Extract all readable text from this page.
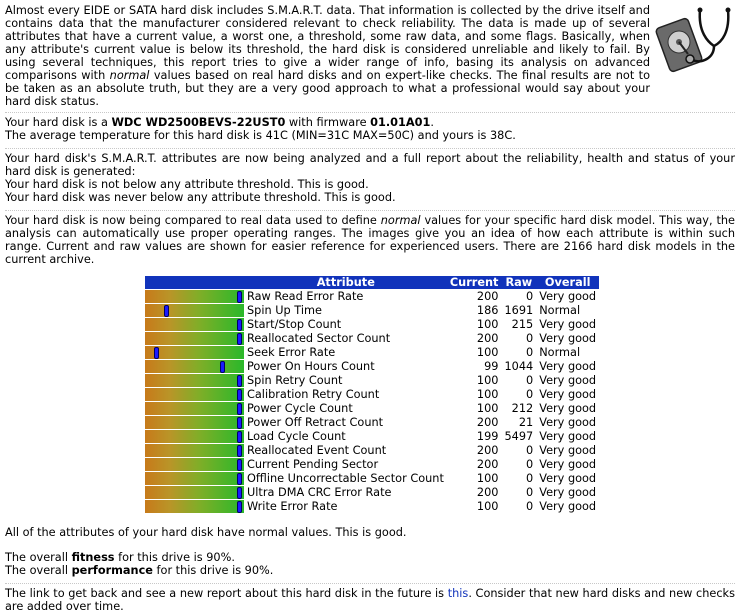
Almost every EIDE or SATA hard disk includes S.M.A.R.T. data. That information is collected by the drive itself and contains data that the manufacturer considered relevant to check reliability. The data is made up of several attributes that have a current value, a worst one, a threshold, some raw data, and some flags. Basically, when any attribute's current value is below its threshold, the hard disk is considered unreliable and likely to fail. By using several techniques, this report tries to give a wider range of info, basing its analysis on advanced comparisons with normal values based on real hard disks and on expert-like checks. The final results are not to be taken as an absolute truth, but they are a very good approach to what a professional would say about your hard disk status.

Your hard disk is a WDC WD2500BEVS-22UST0 with firmware 01.01A01.

The average temperature for this hard disk is 41C (MIN=31C MAX=50C) and yours is 38C.

Your hard disk's S.M.A.R.T. attributes are now being analyzed and a full report about the reliability, health and status of your hard disk is generated:

Your hard disk is not below any attribute threshold. This is good.

Your hard disk was never below any attribute threshold. This is good.

Your hard disk is now being compared to real data used to define normal values for your specific hard disk model. This way, the analysis can automatically use proper operating ranges. The images give you an idea of how each attribute is within such range. Current and raw values are shown for easier reference for experienced users. There are 2166 hard disk models in the current archive.

Attribute		Current	Raw	Overall

	Raw Read Error Rate	200	0	Very good

	Spin Up Time	186	1691	Normal

	Start/Stop Count	100	215	Very good

	Reallocated Sector Count	200	0	Very good

	Seek Error Rate	100	0	Normal

	Power On Hours Count	99	1044	Very good

	Spin Retry Count	100	0	Very good

	Calibration Retry Count	100	0	Very good

	Power Cycle Count	100	212	Very good

	Power Off Retract Count	200	21	Very good

	Load Cycle Count	199	5497	Very good

	Reallocated Event Count	200	0	Very good

	Current Pending Sector	200	0	Very good

	Offline Uncorrectable Sector Count	100	0	Very good

	Ultra DMA CRC Error Rate	200	0	Very good

	Write Error Rate	100	0	Very good

All of the attributes of your hard disk have normal values. This is good.

The overall fitness for this drive is 90%.

The overall performance for this drive is 90%.

The link to get back and see a new report about this hard disk in the future is this. Consider that new hard disks and new checks are added over time.
